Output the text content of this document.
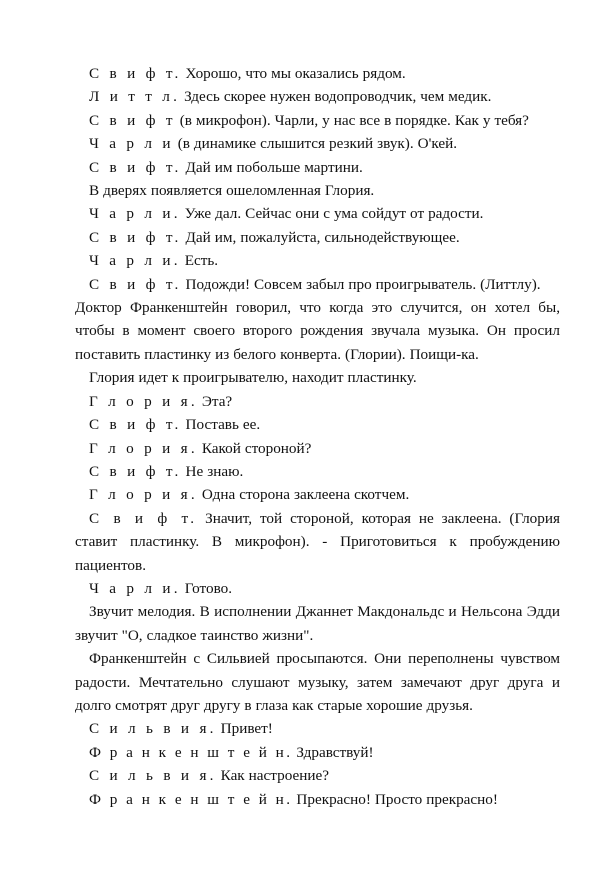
С в и ф т. Хорошо, что мы оказались рядом.

Л и т т л. Здесь скорее нужен водопроводчик, чем медик.

С в и ф т (в микрофон). Чарли, у нас все в порядке. Как у тебя?

Ч а р л и (в динамике слышится резкий звук). О'кей.

С в и ф т. Дай им побольше мартини.

В дверях появляется ошеломленная Глория.

Ч а р л и. Уже дал. Сейчас они с ума сойдут от радости.

С в и ф т. Дай им, пожалуйста, сильнодействующее.

Ч а р л и. Есть.

С в и ф т. Подожди! Совсем забыл про проигрыватель. (Литтлу).

Доктор Франкенштейн говорил, что когда это случится, он хотел бы, чтобы в момент своего второго рождения звучала музыка. Он просил поставить пластинку из белого конверта. (Глории). Поищи-ка.

Глория идет к проигрывателю, находит пластинку.

Г л о р и я. Эта?

С в и ф т. Поставь ее.

Г л о р и я. Какой стороной?

С в и ф т. Не знаю.

Г л о р и я. Одна сторона заклеена скотчем.

С в и ф т. Значит, той стороной, которая не заклеена. (Глория ставит пластинку. В микрофон). - Приготовиться к пробуждению пациентов.

Ч а р л и. Готово.

Звучит мелодия. В исполнении Джаннет Макдональдс и Нельсона Эдди звучит "О, сладкое таинство жизни".

Франкенштейн с Сильвией просыпаются. Они переполнены чувством радости. Мечтательно слушают музыку, затем замечают друг друга и долго смотрят друг другу в глаза как старые хорошие друзья.

С и л ь в и я. Привет!

Ф р а н к е н ш т е й н. Здравствуй!

С и л ь в и я. Как настроение?

Ф р а н к е н ш т е й н. Прекрасно! Просто прекрасно!
